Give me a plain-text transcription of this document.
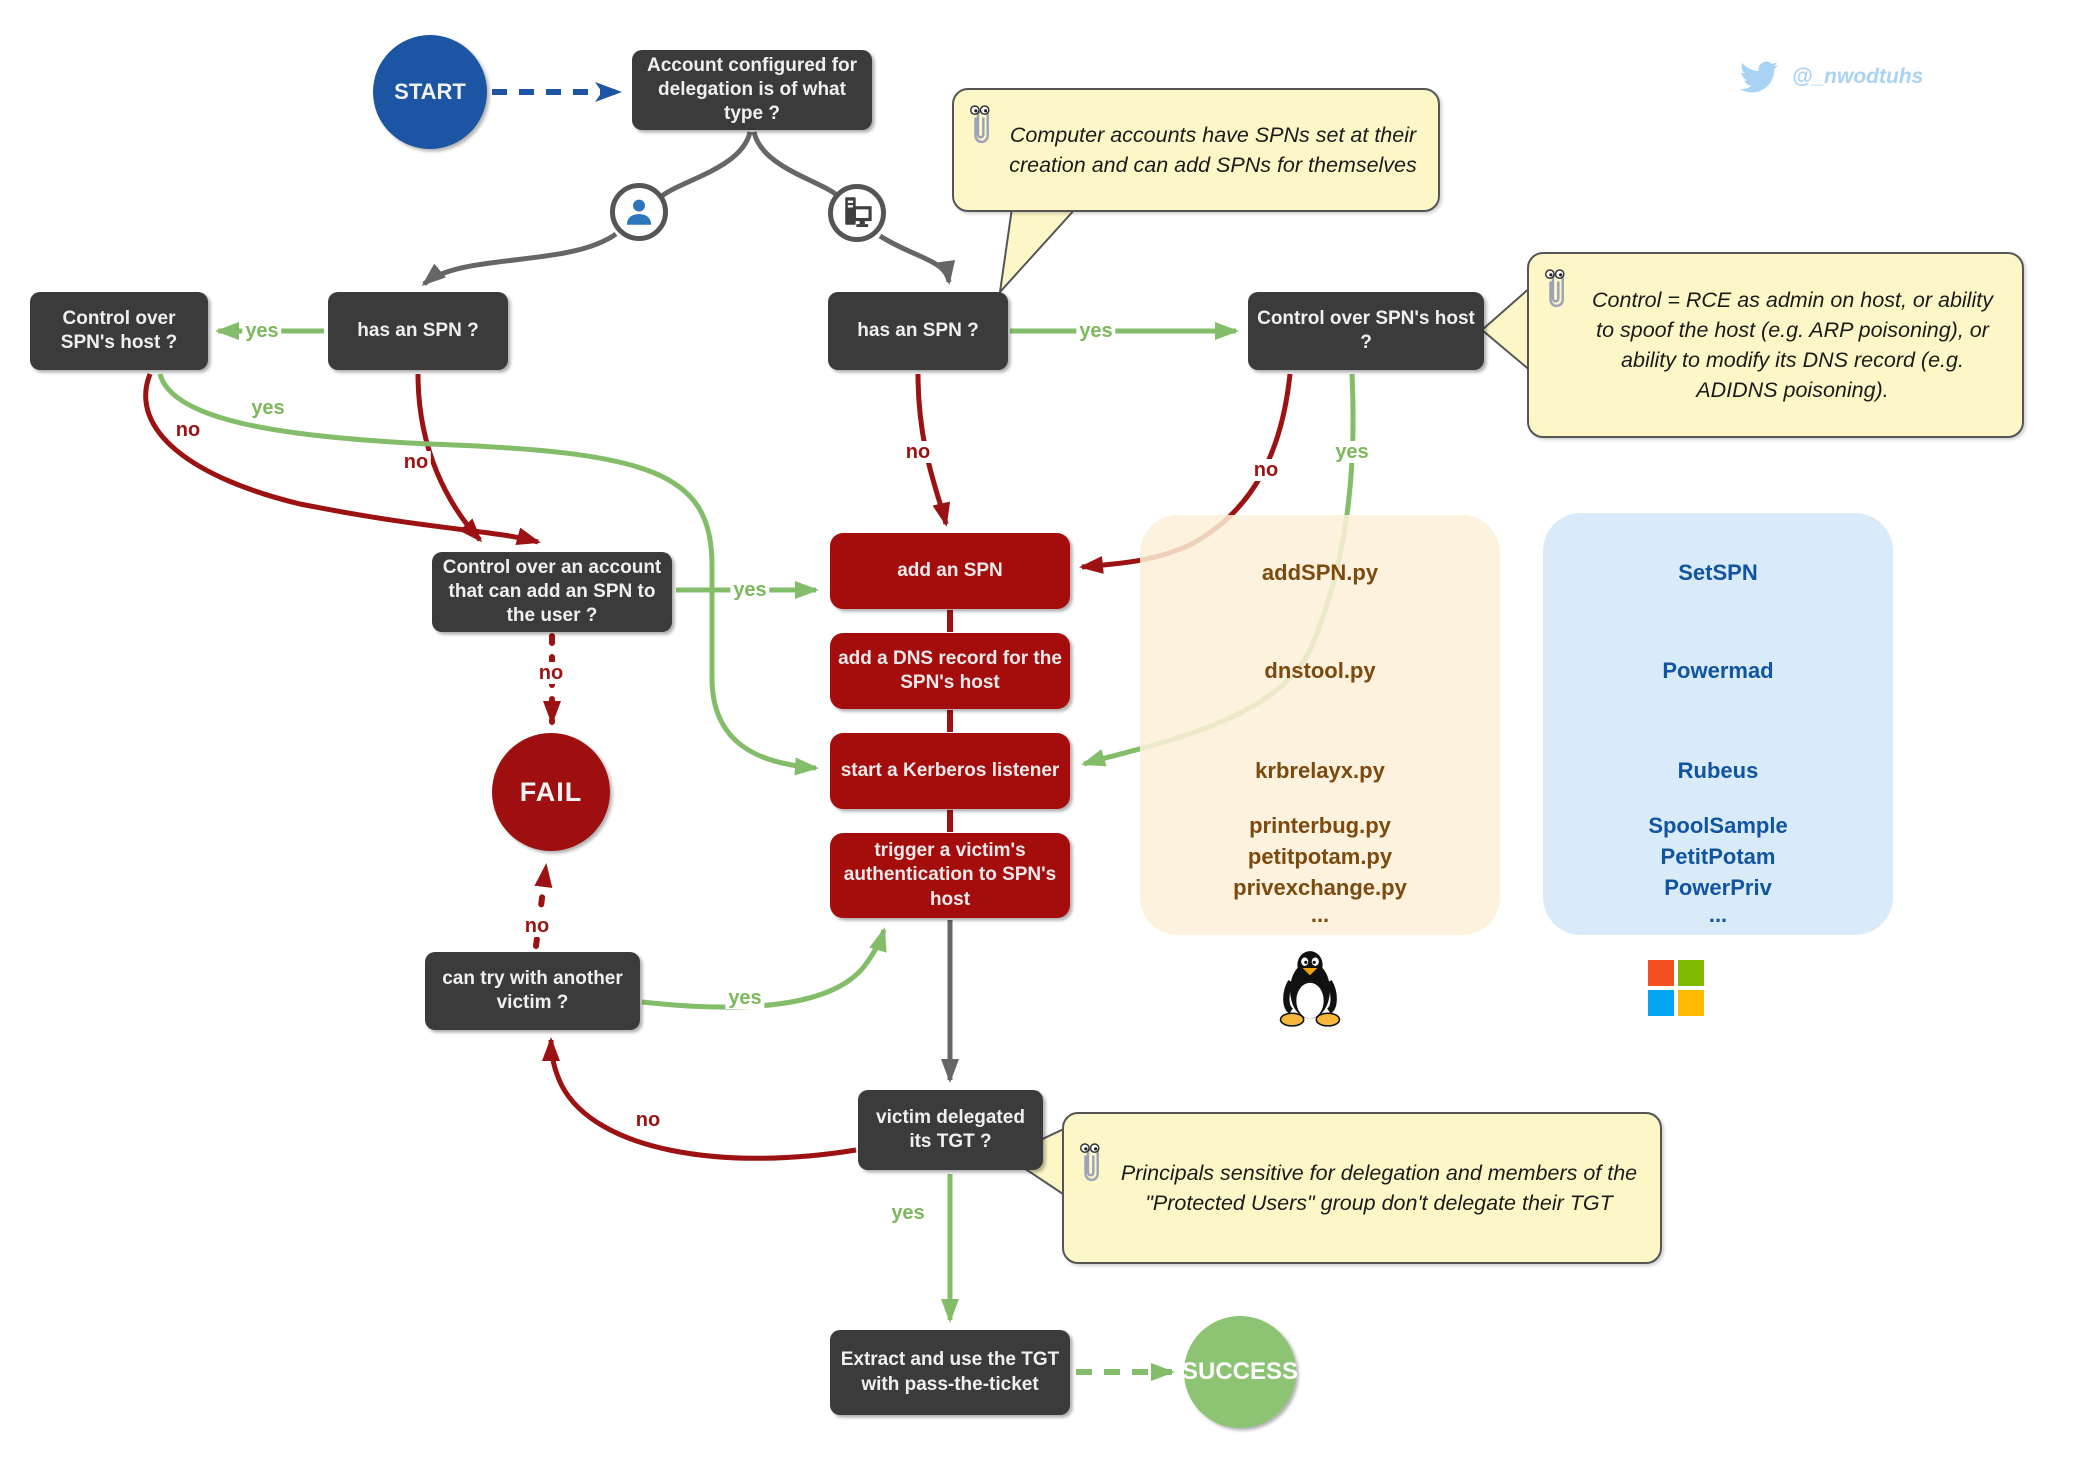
addSPN.py
dnstool.py
krbrelayx.py
printerbug.py
petitpotam.py
privexchange.py
...
SetSPN
Powermad
Rubeus
SpoolSample
PetitPotam
PowerPriv
...
START
Account configured for delegation is of what type ?
Control over SPN's host ?
has an SPN ?	has an SPN ?
Control over SPN's host ?
Control over an account that can add an SPN to the user ?
add an SPN
add a DNS record for the SPN's host
start a Kerberos listener
trigger a victim's authentication to SPN's host
FAIL
can try with another victim ?
victim delegated its TGT ?
Extract and use the TGT with pass-the-ticket	SUCCESS
Computer accounts have SPNs set at their creation and can add SPNs for themselves
Control = RCE as admin on host, or ability to spoof the host (e.g. ARP poisoning), or ability to modify its DNS record (e.g. ADIDNS poisoning).
Principals sensitive for delegation and members of the "Protected Users" group don't delegate their TGT
yes
yes
no
no
yes
no
no
yes
yes
no
no
yes
no
yes
@_nwodtuhs
